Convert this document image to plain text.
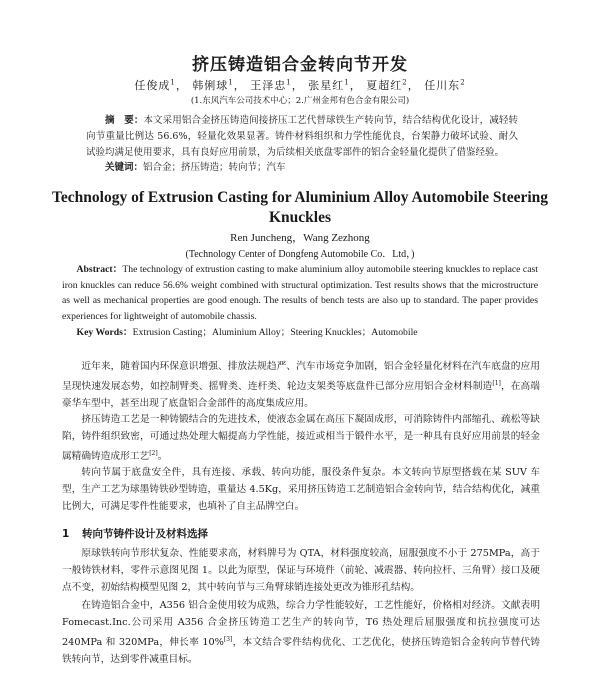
挤压铸造铝合金转向节开发
任俊成$^1$， 韩俐球$^1$， 王泽忠$^1$， 张星红$^1$， 夏超红$^2$， 任川东$^2$
(1.东风汽车公司技术中心；2.广州金邦有色合金有限公司)
摘　要：本文采用铝合金挤压铸造间接挤压工艺代替球铁生产转向节，结合结构优化设计，减轻转向节重量比例达 56.6%，轻量化效果显著。铸件材料组织和力学性能优良，台架静力破坏试验、耐久试验均满足使用要求，具有良好应用前景，为后续相关底盘零部件的铝合金轻量化提供了借鉴经验。
关键词：铝合金；挤压铸造；转向节；汽车
Technology of Extrusion Casting for Aluminium Alloy Automobile Steering Knuckles
Ren Juncheng，Wang Zezhong
(Technology Center of Dongfeng Automobile Co．Ltd，)
Abstract：The technology of extrustion casting to make aluminium alloy automobile steering knuckles to replace cast iron knuckles can reduce 56.6% weight combined with structural optimization. Test results shows that the microstructure as well as mechanical properties are good enough. The results of bench tests are also up to standard. The paper provides experiences for lightweight of automobile chassis.
Key Words：Extrusion Casting；Aluminium Alloy；Steering Knuckles；Automobile
近年来，随着国内环保意识增强、排放法规趋严、汽车市场竞争加剧，铝合金轻量化材料在汽车底盘的应用呈现快速发展态势，如控制臂类、摇臂类、连杆类、轮边支架类等底盘件已部分应用铝合金材料制造[1]，在高端豪华车型中，甚至出现了底盘铝合金部件的高度集成应用。
挤压铸造工艺是一种铸锻结合的先进技术，使液态金属在高压下凝固成形，可消除铸件内部缩孔、疏松等缺陷，铸件组织致密，可通过热处理大幅提高力学性能，接近或相当于锻件水平，是一种具有良好应用前景的轻金属精确铸造成形工艺[2]。
转向节属于底盘安全件，具有连接、承载、转向功能，服役条件复杂。本文转向节原型搭载在某 SUV 车型，生产工艺为球墨铸铁砂型铸造，重量达 4.5Kg，采用挤压铸造工艺制造铝合金转向节，结合结构优化，减重比例大，可满足零件性能要求，也填补了自主品牌空白。
1 转向节铸件设计及材料选择
原球铁转向节形状复杂、性能要求高，材料牌号为 QTA，材料强度较高，屈服强度不小于 275MPa，高于一般铸铁材料，零件示意图见图 1。以此为原型，保证与环境件（前轮、减震器、转向拉杆、三角臂）接口及硬点不变，初始结构模型见图 2，其中转向节与三角臂球销连接处更改为锥形孔结构。
在铸造铝合金中，A356 铝合金使用较为成熟，综合力学性能较好，工艺性能好，价格相对经济。文献表明 Fomecast.Inc.公司采用 A356 合金挤压铸造工艺生产的转向节，T6 热处理后屈服强度和抗拉强度可达 240MPa 和 320MPa，伸长率 10%[3]，本文结合零件结构优化、工艺优化，使挤压铸造铝合金转向节替代铸铁转向节，达到零件减重目标。
